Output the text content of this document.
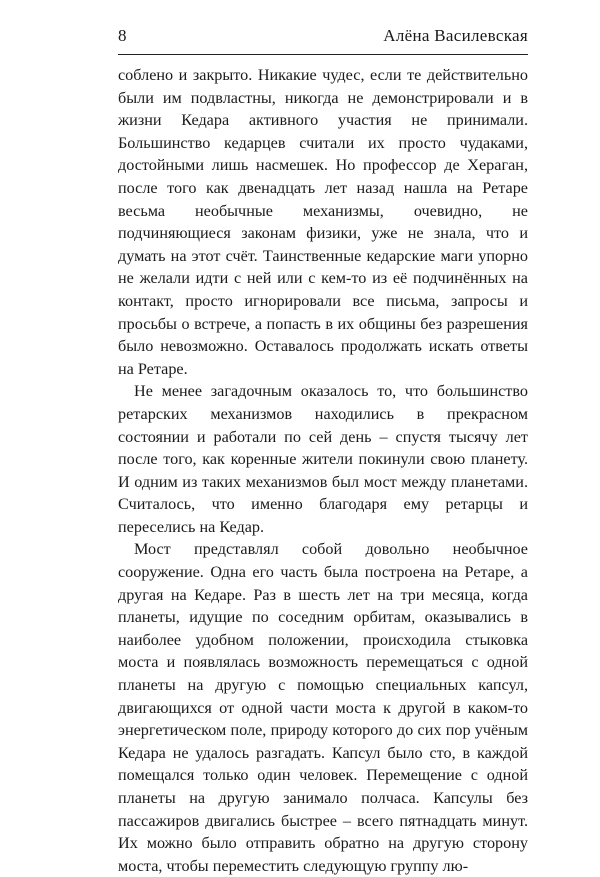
8	Алёна Василевская

соблено и закрыто. Никакие чудес, если те действительно были им подвластны, никогда не демонстрировали и в жизни Кедара активного участия не принимали. Большинство кедарцев считали их просто чудаками, достойными лишь насмешек. Но профессор де Хераган, после того как двенадцать лет назад нашла на Ретаре весьма необычные механизмы, очевидно, не подчиняющиеся законам физики, уже не знала, что и думать на этот счёт. Таинственные кедарские маги упорно не желали идти с ней или с кем-то из её подчинённых на контакт, просто игнорировали все письма, запросы и просьбы о встрече, а попасть в их общины без разрешения было невозможно. Оставалось продолжать искать ответы на Ретаре.

Не менее загадочным оказалось то, что большинство ретарских механизмов находились в прекрасном состоянии и работали по сей день – спустя тысячу лет после того, как коренные жители покинули свою планету. И одним из таких механизмов был мост между планетами. Считалось, что именно благодаря ему ретарцы и переселись на Кедар.

Мост представлял собой довольно необычное сооружение. Одна его часть была построена на Ретаре, а другая на Кедаре. Раз в шесть лет на три месяца, когда планеты, идущие по соседним орбитам, оказывались в наиболее удобном положении, происходила стыковка моста и появлялась возможность перемещаться с одной планеты на другую с помощью специальных капсул, двигающихся от одной части моста к другой в каком-то энергетическом поле, природу которого до сих пор учёным Кедара не удалось разгадать. Капсул было сто, в каждой помещался только один человек. Перемещение с одной планеты на другую занимало полчаса. Капсулы без пассажиров двигались быстрее – всего пятнадцать минут. Их можно было отправить обратно на другую сторону моста, чтобы переместить следующую группу лю-
